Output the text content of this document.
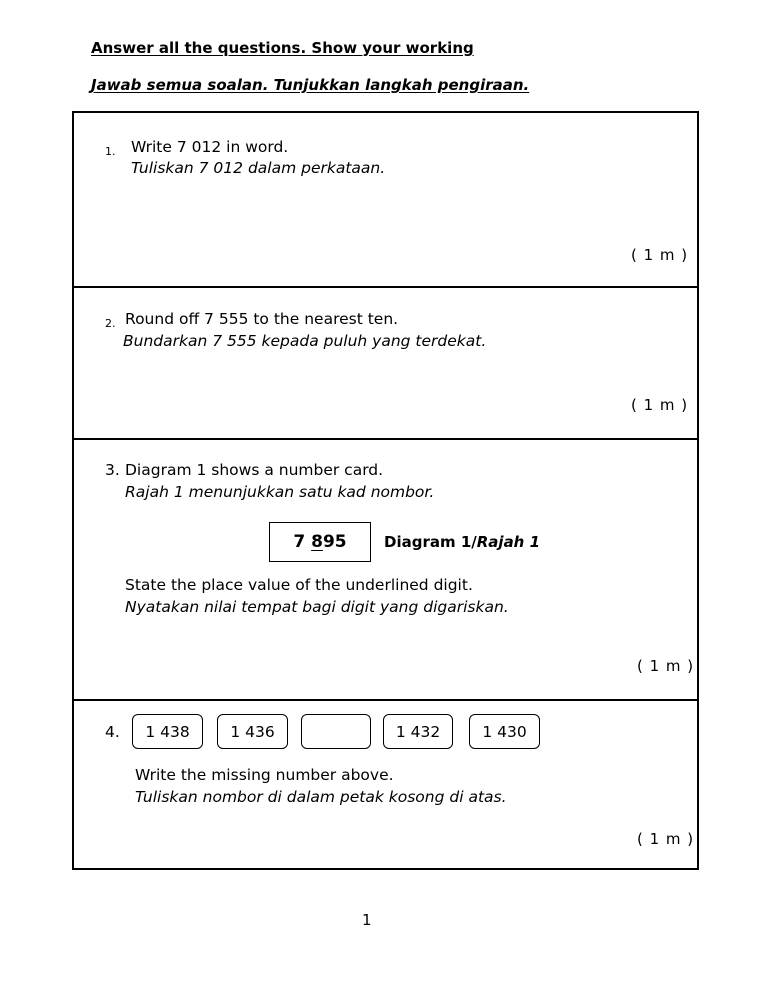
Answer all the questions. Show your working

Jawab semua soalan. Tunjukkan langkah pengiraan.

1. Write 7 012 in word.
Tuliskan 7 012 dalam perkataan.
( 1 m )
2. Round off 7 555 to the nearest ten.
Bundarkan 7 555 kepada puluh yang terdekat.
( 1 m )
3. Diagram 1 shows a number card.
Rajah 1 menunjukkan satu kad nombor.
7 8 95 Diagram 1/Rajah 1
State the place value of the underlined digit.
Nyatakan nilai tempat bagi digit yang digariskan.
( 1 m )
4.	1 438	1 436	1 432	1 430
Write the missing number above.
Tuliskan nombor di dalam petak kosong di atas.
( 1 m )
1
